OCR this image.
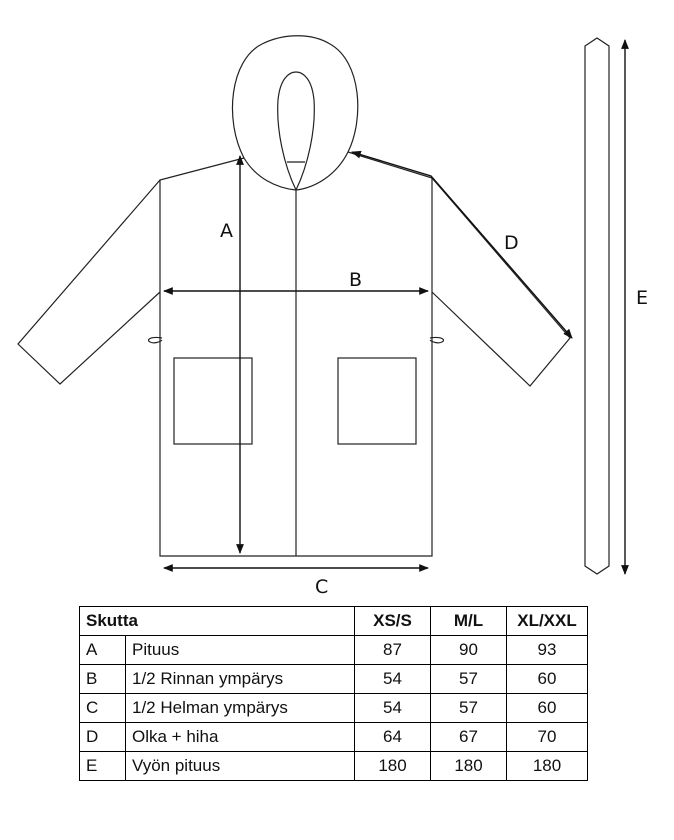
A
B
C
D
E
Skutta		XS/S	M/L	XL/XXL
A	Pituus	87	90	93
B	1/2 Rinnan ympärys	54	57	60
C	1/2 Helman ympärys	54	57	60
D	Olka + hiha	64	67	70
E	Vyön pituus	180	180	180
